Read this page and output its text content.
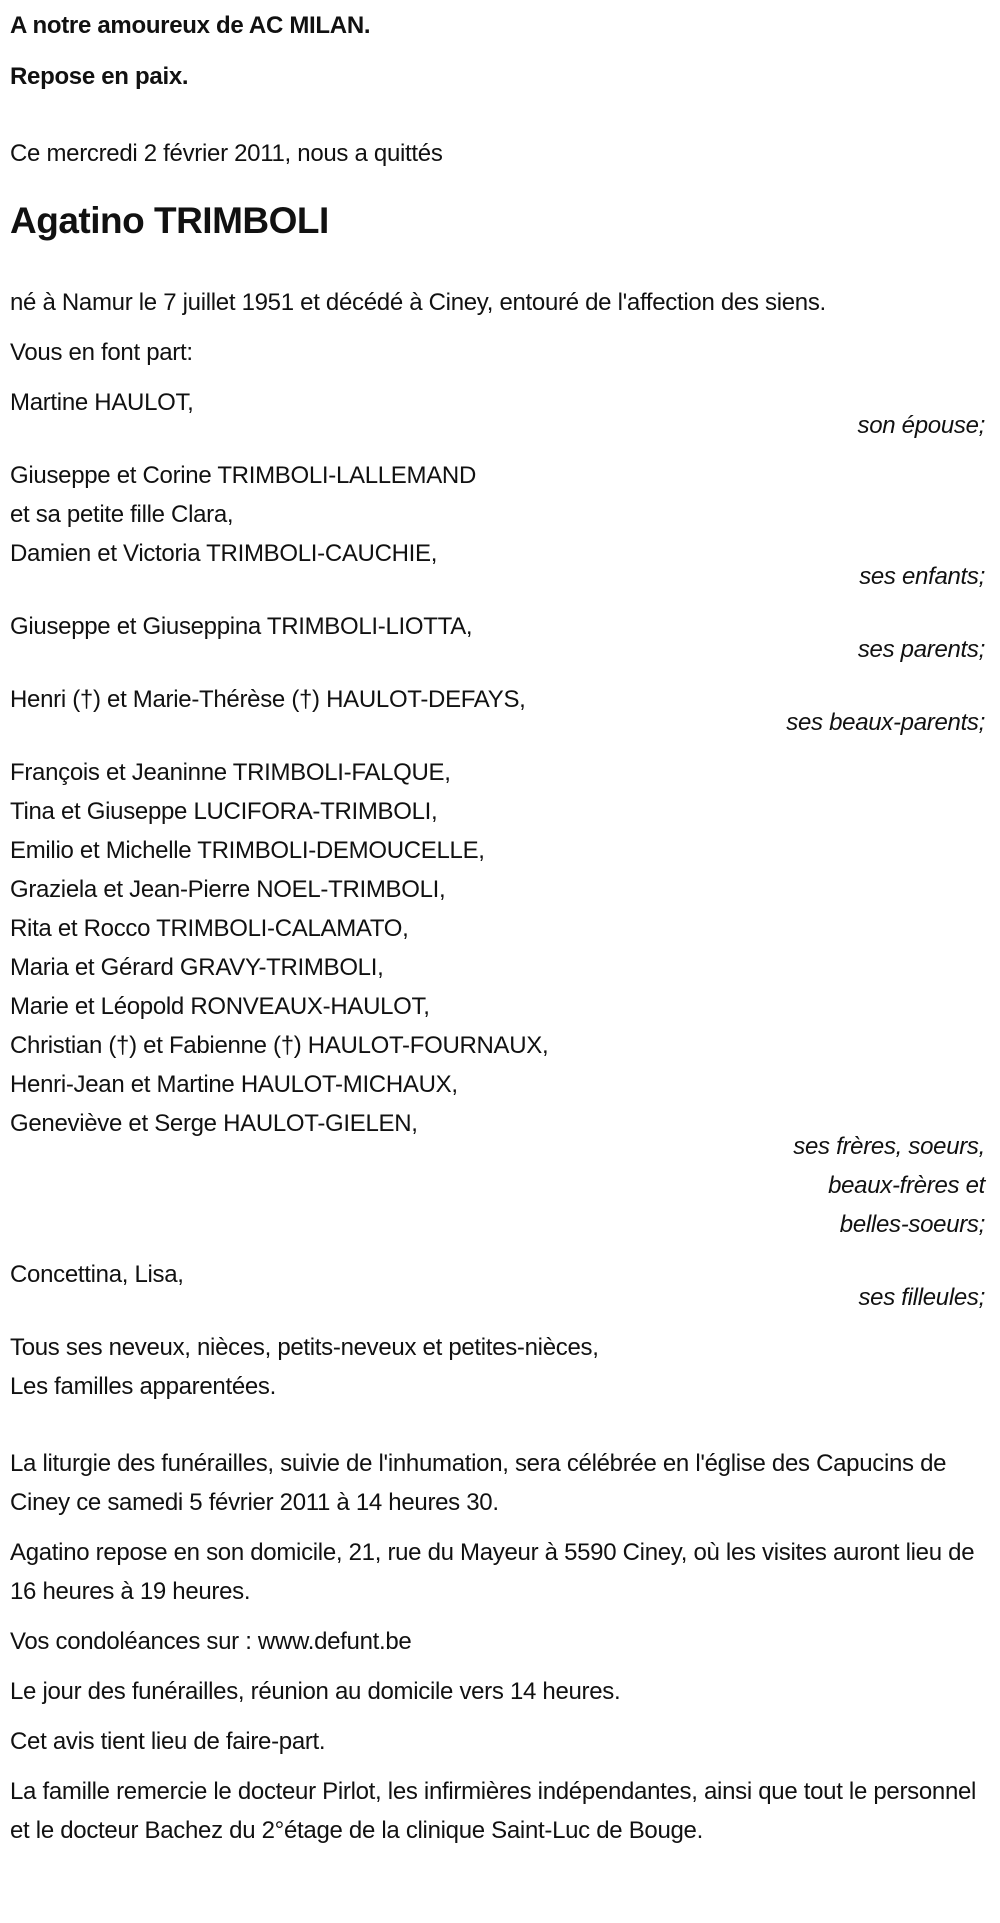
A notre amoureux de AC MILAN.

Repose en paix.

Ce mercredi 2 février 2011, nous a quittés

Agatino TRIMBOLI

né à Namur le 7 juillet 1951 et décédé à Ciney, entouré de l'affection des siens.

Vous en font part:

Martine HAULOT,
son épouse;
Giuseppe et Corine TRIMBOLI-LALLEMAND
et sa petite fille Clara,
Damien et Victoria TRIMBOLI-CAUCHIE,
ses enfants;
Giuseppe et Giuseppina TRIMBOLI-LIOTTA,
ses parents;
Henri (†) et Marie-Thérèse (†) HAULOT-DEFAYS,
ses beaux-parents;
François et Jeaninne TRIMBOLI-FALQUE,
Tina et Giuseppe LUCIFORA-TRIMBOLI,
Emilio et Michelle TRIMBOLI-DEMOUCELLE,
Graziela et Jean-Pierre NOEL-TRIMBOLI,
Rita et Rocco TRIMBOLI-CALAMATO,
Maria et Gérard GRAVY-TRIMBOLI,
Marie et Léopold RONVEAUX-HAULOT,
Christian (†) et Fabienne (†) HAULOT-FOURNAUX,
Henri-Jean et Martine HAULOT-MICHAUX,
Geneviève et Serge HAULOT-GIELEN,
ses frères, soeurs,
beaux-frères et
belles-soeurs;
Concettina, Lisa,
ses filleules;

Tous ses neveux, nièces, petits-neveux et petites-nièces,
Les familles apparentées.

La liturgie des funérailles, suivie de l'inhumation, sera célébrée en l'église des Capucins de Ciney ce samedi 5 février 2011 à 14 heures 30.

Agatino repose en son domicile, 21, rue du Mayeur à 5590 Ciney, où les visites auront lieu de 16 heures à 19 heures.

Vos condoléances sur : www.defunt.be

Le jour des funérailles, réunion au domicile vers 14 heures.

Cet avis tient lieu de faire-part.

La famille remercie le docteur Pirlot, les infirmières indépendantes, ainsi que tout le personnel et le docteur Bachez du 2°étage de la clinique Saint-Luc de Bouge.
